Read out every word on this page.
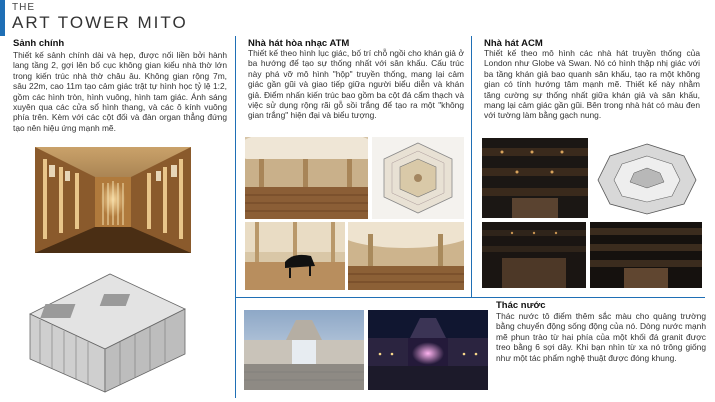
THE
ART TOWER MITO
Sảnh chính
Thiết kế sảnh chính dài và hẹp, được nối liền bởi hành lang tầng 2, gợi lên bố cục không gian kiểu nhà thờ lớn trong kiến trúc nhà thờ châu âu. Không gian rộng 7m, sâu 22m, cao 11m tạo cảm giác trật tự hình học tỷ lệ 1:2, gồm các hình tròn, hình vuông, hình tam giác. Ánh sáng xuyên qua các cửa sổ hình thang, và các ô kính vuông phía trên. Kèm với các cột đối và đàn organ thẳng đứng tạo nên hiệu ứng mạnh mẽ.
Nhà hát hòa nhạc ATM
Thiết kế theo hình lục giác, bố trí chỗ ngồi cho khán giả ở ba hướng để tạo sự thống nhất với sân khấu. Cấu trúc này phá vỡ mô hình "hộp" truyền thống, mang lại cảm giác gần gũi và giao tiếp giữa người biểu diễn và khán giả. Điểm nhấn kiến trúc bao gồm ba cột đá cẩm thạch và việc sử dụng rộng rãi gỗ sồi trắng để tạo ra một "không gian trắng" hiện đại và biểu tượng.
Nhà hát ACM
Thiết kế theo mô hình các nhà hát truyền thống của London như Globe và Swan. Nó có hình thập nhị giác với ba tầng khán giả bao quanh sân khấu, tạo ra một không gian có tính hướng tâm mạnh mẽ. Thiết kế này nhằm tăng cường sự thống nhất giữa khán giả và sân khấu, mang lại cảm giác gần gũi. Bên trong nhà hát có màu đen với tường làm bằng gạch nung.
Thác nước
Thác nước tô điểm thêm sắc màu cho quảng trường bằng chuyển động sống động của nó. Dòng nước mạnh mẽ phun trào từ hai phía của một khối đá granit được treo bằng 6 sợi dây. Khi bạn nhìn từ xa nó trông giống như một tác phẩm nghệ thuật được đóng khung.
